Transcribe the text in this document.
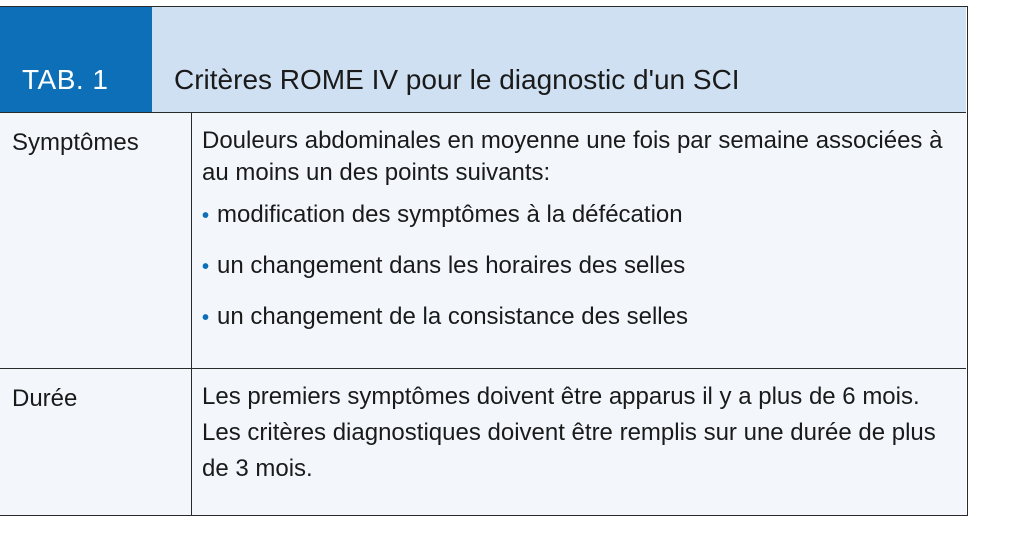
TAB. 1	Critères ROME IV pour le diagnostic d'un SCI
Symptômes	Douleurs abdominales en moyenne une fois par semaine associées à au moins un des points suivants:
• modification des symptômes à la défécation
• un changement dans les horaires des selles
• un changement de la consistance des selles
Durée	Les premiers symptômes doivent être apparus il y a plus de 6 mois. Les critères diagnostiques doivent être remplis sur une durée de plus de 3 mois.
